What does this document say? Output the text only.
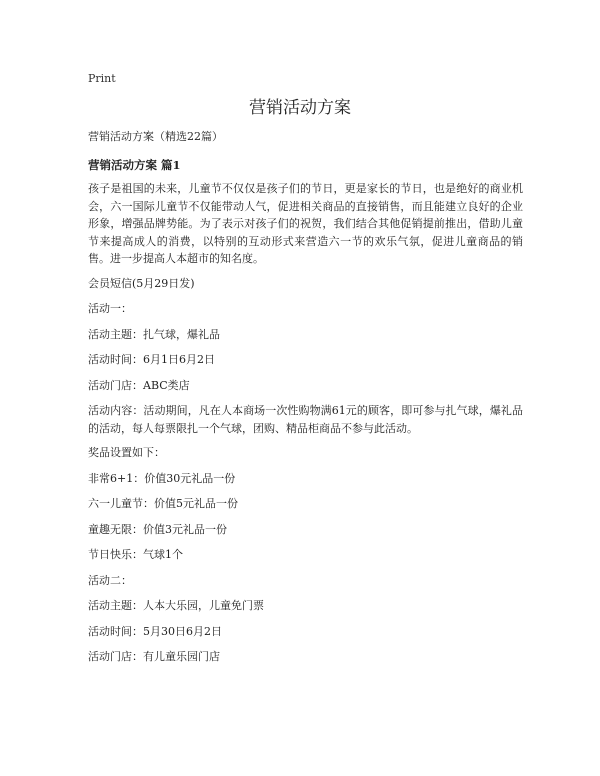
Print
营销活动方案

营销活动方案（精选22篇）

营销活动方案 篇1

孩子是祖国的未来，儿童节不仅仅是孩子们的节日，更是家长的节日，也是绝好的商业机会，六一国际儿童节不仅能带动人气，促进相关商品的直接销售，而且能建立良好的企业形象，增强品牌势能。为了表示对孩子们的祝贺，我们结合其他促销提前推出，借助儿童节来提高成人的消费，以特别的互动形式来营造六一节的欢乐气氛，促进儿童商品的销售。进一步提高人本超市的知名度。

会员短信(5月29日发)

活动一：

活动主题：扎气球，爆礼品

活动时间：6月1日6月2日

活动门店：ABC类店

活动内容：活动期间，凡在人本商场一次性购物满61元的顾客，即可参与扎气球，爆礼品的活动，每人每票限扎一个气球，团购、精品柜商品不参与此活动。

奖品设置如下：

非常6+1：价值30元礼品一份

六一儿童节：价值5元礼品一份

童趣无限：价值3元礼品一份

节日快乐：气球1个

活动二：

活动主题：人本大乐园，儿童免门票

活动时间：5月30日6月2日

活动门店：有儿童乐园门店
